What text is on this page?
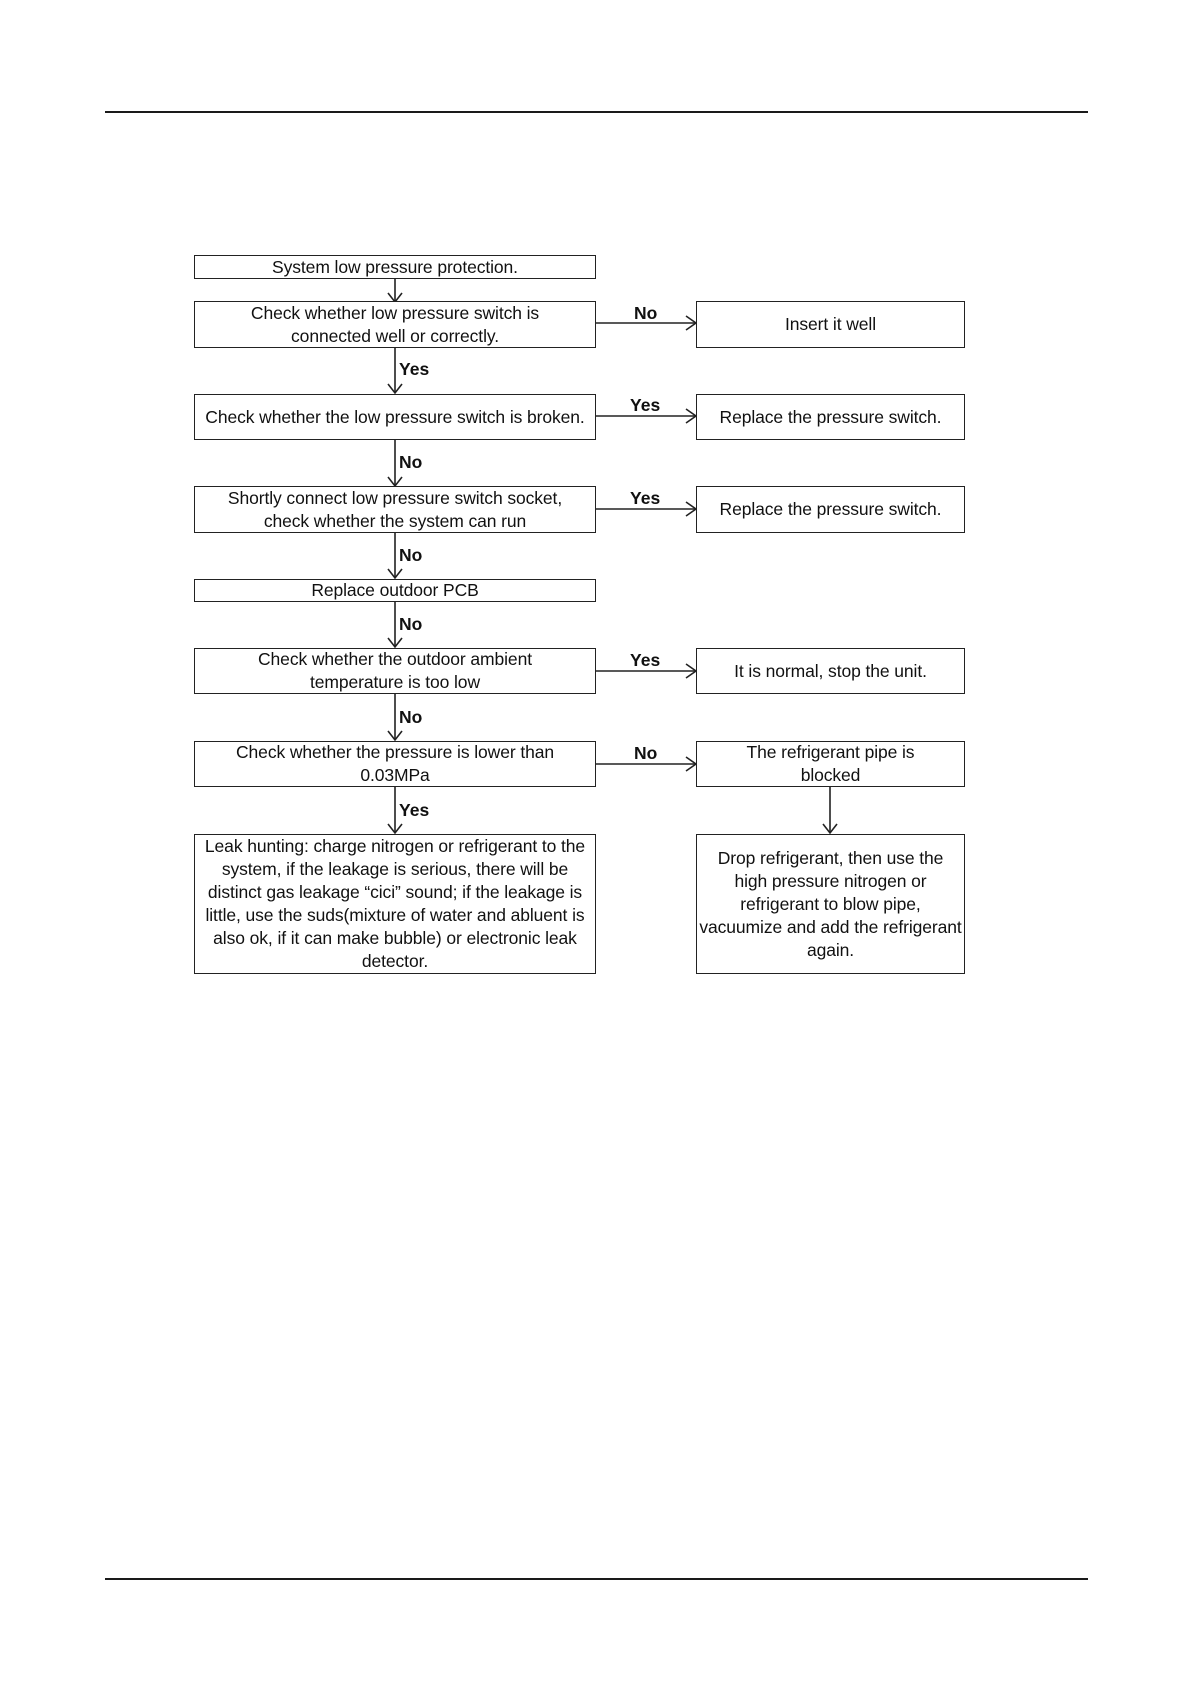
System low pressure protection.
Check whether low pressure switch is connected well or correctly.
Check whether the low pressure switch is broken.
Shortly connect low pressure switch socket, check whether the system can run
Replace outdoor PCB
Check whether the outdoor ambient temperature is too low
Check whether the pressure is lower than 0.03MPa
Leak hunting: charge nitrogen or refrigerant to the system, if the leakage is serious, there will be distinct gas leakage “cici” sound; if the leakage is little, use the suds(mixture of water and abluent is also ok, if it can make bubble) or electronic leak detector.
Insert it well
Replace the pressure switch.
Replace the pressure switch.
It is normal, stop the unit.
The refrigerant pipe is blocked
Drop refrigerant, then use the high pressure nitrogen or refrigerant to blow pipe, vacuumize and add the refrigerant again.
No
Yes
Yes
No
Yes
No
No
Yes
No
No
Yes
